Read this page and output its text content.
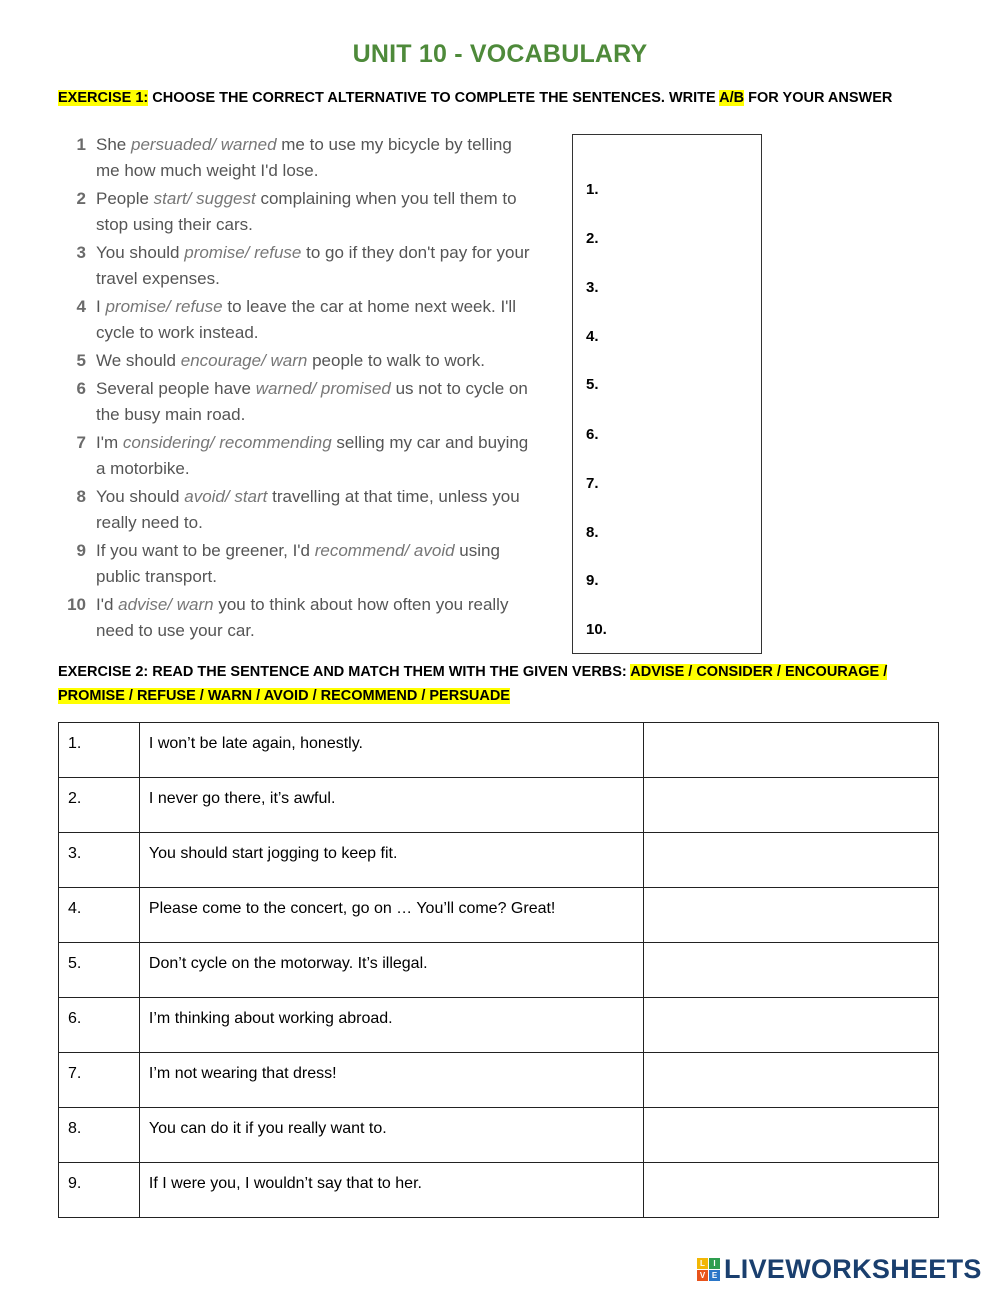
UNIT 10 - VOCABULARY
EXERCISE 1: CHOOSE THE CORRECT ALTERNATIVE TO COMPLETE THE SENTENCES. WRITE A/B FOR YOUR ANSWER
1 She persuaded/ warned me to use my bicycle by telling me how much weight I'd lose.
2 People start/ suggest complaining when you tell them to stop using their cars.
3 You should promise/ refuse to go if they don't pay for your travel expenses.
4 I promise/ refuse to leave the car at home next week. I'll cycle to work instead.
5 We should encourage/ warn people to walk to work.
6 Several people have warned/ promised us not to cycle on the busy main road.
7 I'm considering/ recommending selling my car and buying a motorbike.
8 You should avoid/ start travelling at that time, unless you really need to.
9 If you want to be greener, I'd recommend/ avoid using public transport.
10 I'd advise/ warn you to think about how often you really need to use your car.
1.
2.
3.
4.
5.
6.
7.
8.
9.
10.
EXERCISE 2: READ THE SENTENCE AND MATCH THEM WITH THE GIVEN VERBS: ADVISE / CONSIDER / ENCOURAGE /
PROMISE / REFUSE / WARN / AVOID / RECOMMEND / PERSUADE
1.	I won’t be late again, honestly.	
2.	I never go there, it’s awful.	
3.	You should start jogging to keep fit.	
4.	Please come to the concert, go on … You’ll come? Great!	
5.	Don’t cycle on the motorway. It’s illegal.	
6.	I’m thinking about working abroad.	
7.	I’m not wearing that dress!	
8.	You can do it if you really want to.	
9.	If I were you, I wouldn’t say that to her.	
L	I
V E LIVEWORKSHEETS
